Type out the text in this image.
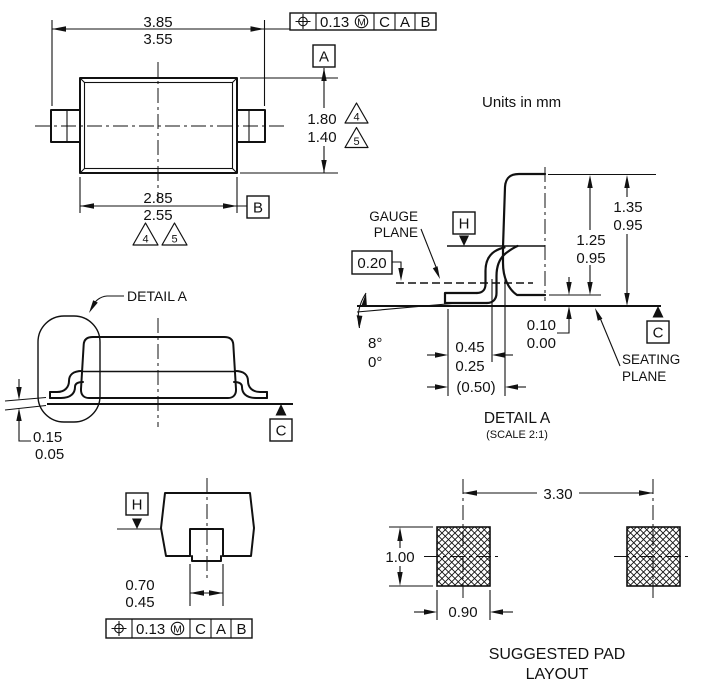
3.85
3.55
0.13 M C A B
A
1.80
1.40
4
5
2.85
2.55	B
4 5
Units in mm
C
DETAIL A
0.15
0.05
H
GAUGE
PLANE
0.20
8°
0°
1.25
0.95
1.35
0.95
0.10
0.00
0.45
0.25
(0.50)
SEATING
PLANE
C
DETAIL A
(SCALE 2:1)
H
0.70
0.45
0.13 M C A B
3.30
1.00
0.90
SUGGESTED PAD
LAYOUT
